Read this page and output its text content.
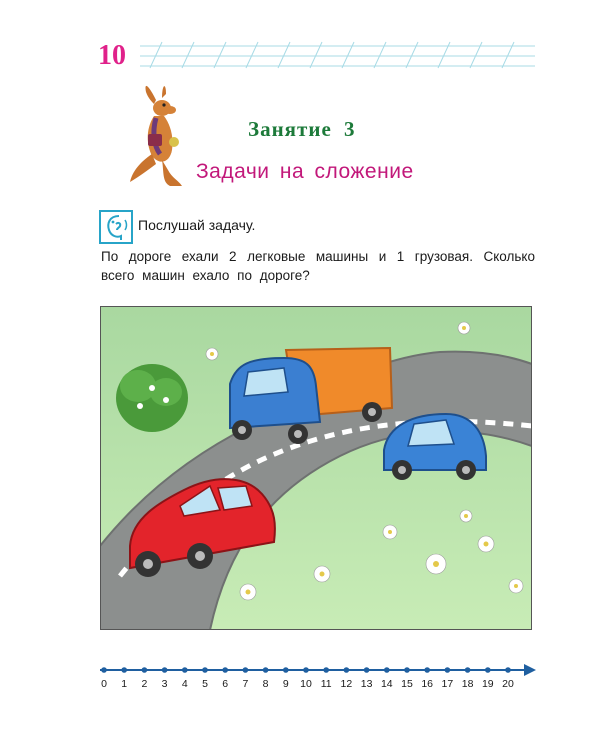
10
Занятие 3
Задачи на сложение
Послушай задачу.
По дороге ехали 2 легковые машины и 1 грузовая. Сколько всего машин ехало по дороге?
0 1 2 3 4 5 6 7 8 9 10 11 12 13 14 15 16 17 18 19 20
